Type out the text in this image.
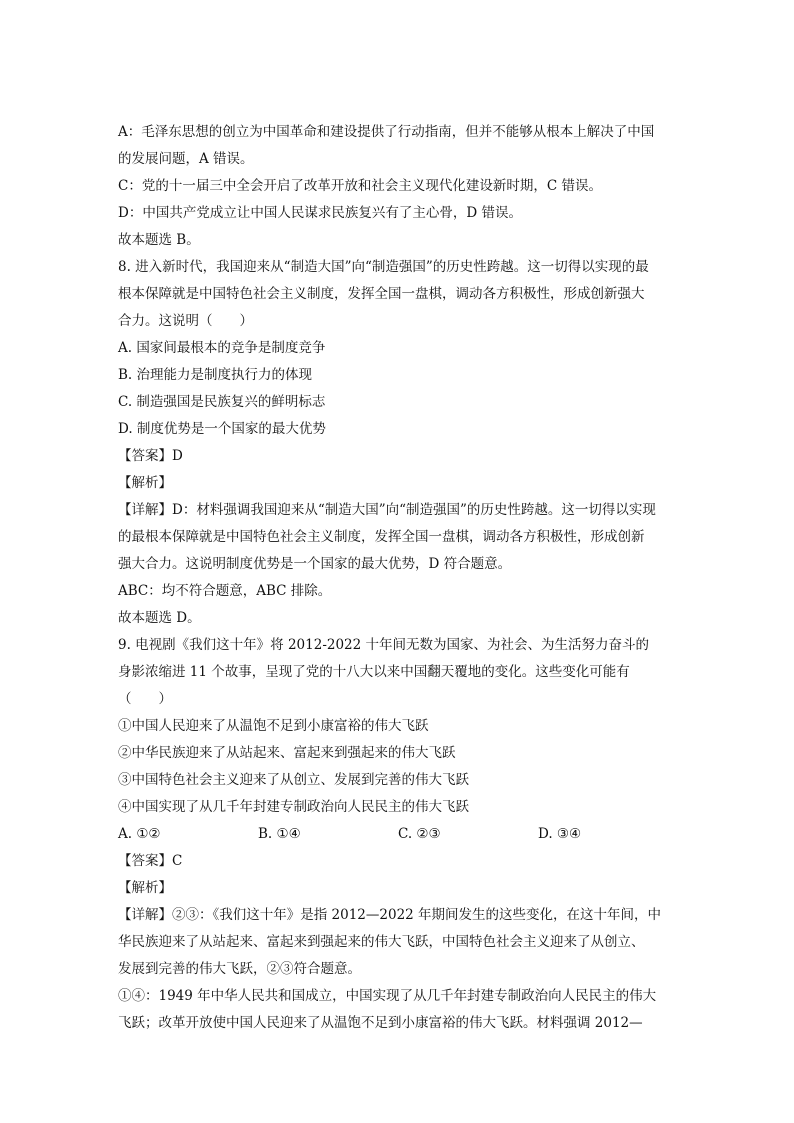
A：毛泽东思想的创立为中国革命和建设提供了行动指南，但并不能够从根本上解决了中国
的发展问题，A 错误。
C：党的十一届三中全会开启了改革开放和社会主义现代化建设新时期，C 错误。
D：中国共产党成立让中国人民谋求民族复兴有了主心骨，D 错误。
故本题选 B。
8. 进入新时代，我国迎来从“制造大国”向“制造强国”的历史性跨越。这一切得以实现的最
根本保障就是中国特色社会主义制度，发挥全国一盘棋，调动各方积极性，形成创新强大
合力。这说明（　　）
A. 国家间最根本的竞争是制度竞争
B. 治理能力是制度执行力的体现
C. 制造强国是民族复兴的鲜明标志
D. 制度优势是一个国家的最大优势
【答案】D
【解析】
【详解】D：材料强调我国迎来从“制造大国”向“制造强国”的历史性跨越。这一切得以实现
的最根本保障就是中国特色社会主义制度，发挥全国一盘棋，调动各方积极性，形成创新
强大合力。这说明制度优势是一个国家的最大优势，D 符合题意。
ABC：均不符合题意，ABC 排除。
故本题选 D。
9. 电视剧《我们这十年》将 2012-2022 十年间无数为国家、为社会、为生活努力奋斗的
身影浓缩进 11 个故事，呈现了党的十八大以来中国翻天覆地的变化。这些变化可能有
（　　）
①中国人民迎来了从温饱不足到小康富裕的伟大飞跃
②中华民族迎来了从站起来、富起来到强起来的伟大飞跃
③中国特色社会主义迎来了从创立、发展到完善的伟大飞跃
④中国实现了从几千年封建专制政治向人民民主的伟大飞跃
A. ①②	B. ①④	C. ②③	D. ③④
【答案】C
【解析】
【详解】②③：《我们这十年》是指 2012—2022 年期间发生的这些变化，在这十年间，中
华民族迎来了从站起来、富起来到强起来的伟大飞跃，中国特色社会主义迎来了从创立、
发展到完善的伟大飞跃，②③符合题意。
①④：1949 年中华人民共和国成立，中国实现了从几千年封建专制政治向人民民主的伟大
飞跃；改革开放使中国人民迎来了从温饱不足到小康富裕的伟大飞跃。材料强调 2012—
